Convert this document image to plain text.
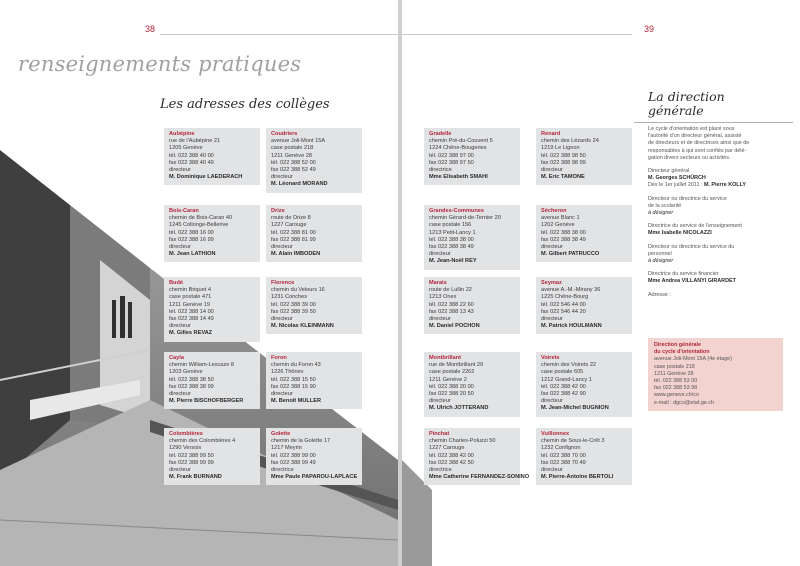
38
renseignements pratiques
Les adresses des collèges
Aubépine
rue de l'Aubépine 21
1205 Genève
tél. 022 388 40 00
fax 022 388 40 49
directeur
M. Dominique LAEDERACH
Bois-Caran
chemin de Bois-Caran 40
1245 Collonge-Bellerive
tél. 022 388 16 00
fax 022 388 16 99
directeur
M. Jean LATHION
Budé
chemin Briquet 4
case postale 471
1211 Genève 19
tél. 022 388 14 00
fax 022 388 14 49
directeur
M. Gilles REVAZ
Cayla
chemin William-Lescaze 8
1203 Genève
tél. 022 388 38 50
fax 022 388 38 99
directeur
M. Pierre BISCHOFBERGER
Colombières
chemin des Colombières 4
1290 Versoix
tél. 022 388 99 50
fax 022 388 99 99
directeur
M. Frank BURNAND
Coudriers
avenue Joli-Mont 15A
case postale 218
1211 Genève 28
tél. 022 388 52 00
fax 022 388 52 49
directeur
M. Léonard MORAND
Drize
route de Drize 8
1227 Carouge
tél. 022 388 81 00
fax 022 388 81 99
directeur
M. Alain IMBODEN
Florence
chemin du Velours 16
1231 Conches
tél. 022 388 39 00
fax 022 388 39 50
directeur
M. Nicolas KLEINMANN
Foron
chemin du Foron 43
1226 Thônex
tél. 022 388 15 50
fax 022 388 15 90
directeur
M. Benoît MULLER
Golette
chemin de la Golette 17
1217 Meyrin
tél. 022 388 99 00
fax 022 388 99 49
directrice
Mme Paule PAPAROU-LAPLACE
39
Gradelle
chemin Pré-du-Couvent 5
1224 Chêne-Bougeries
tél. 022 388 97 00
fax 022 388 97 50
directrice
Mme Elisabeth SMAHI
Grandes-Communes
chemin Gérard-de-Ternier 20
case postale 156
1213 Petit-Lancy 1
tél. 022 388 38 00
fax 022 388 38 49
directeur
M. Jean-Noël REY
Marais
route de Lullin 22
1213 Onex
tél. 022 388 22 60
fax 022 388 13 43
directeur
M. Daniel POCHON
Montbrillant
rue de Montbrillant 29
case postale 2262
1211 Genève 2
tél. 022 388 20 00
fax 022 388 20 50
directeur
M. Ulrich JOTTERAND
Pinchat
chemin Charles-Poluzzi 50
1227 Carouge
tél. 022 388 42 00
fax 022 388 42 50
directrice
Mme Catherine FERNANDEZ-SONINO
Renard
chemin des Lézards 24
1219 Le Lignon
tél. 022 388 98 50
fax 022 388 98 99
directeur
M. Eric TAMONE
Sécheron
avenue Blanc 1
1202 Genève
tél. 022 388 38 00
fax 022 388 38 49
directeur
M. Gilbert PATRUCCO
Seymaz
avenue A.-M.-Mirany 36
1225 Chêne-Bourg
tél. 022 546 44 00
fax 022 546 44 20
directeur
M. Patrick HOULMANN
Voirets
chemin des Voirets 22
case postale 605
1212 Grand-Lancy 1
tél. 022 388 42 00
fax 022 388 42 90
directeur
M. Jean-Michel BUGNION
Vuillonnex
chemin de Sous-le-Crêt 3
1232 Confignon
tél. 022 388 70 00
fax 022 388 70 49
directeur
M. Pierre-Antoine BERTOLI
La direction
générale
Le cycle d'orientation est placé sous
l'autorité d'un directeur général, assisté
de directeurs et de directrices ainsi que de
responsables à qui sont confiés par délé-
gation divers secteurs ou activités.
Directeur général
M. Georges SCHÜRCH
Dès le 1er juillet 2011 : M. Pierre KOLLY
Directeur ou directrice du service
de la scolarité
à désigner
Directrice du service de l'enseignement
Mme Isabelle NICOLAZZI
Directeur ou directrice du service du
personnel
à désigner
Directrice du service financier
Mme Andrea VILLANYI GIRARDET
Adresse :
Direction générale
du cycle d'orientation
avenue Joli-Mont 15A (4e étage)
case postale 218
1211 Genève 28
tél. 022 388 53 00
fax 022 388 53 98
www.geneve.ch/co
e-mail : dgco@etat.ge.ch
